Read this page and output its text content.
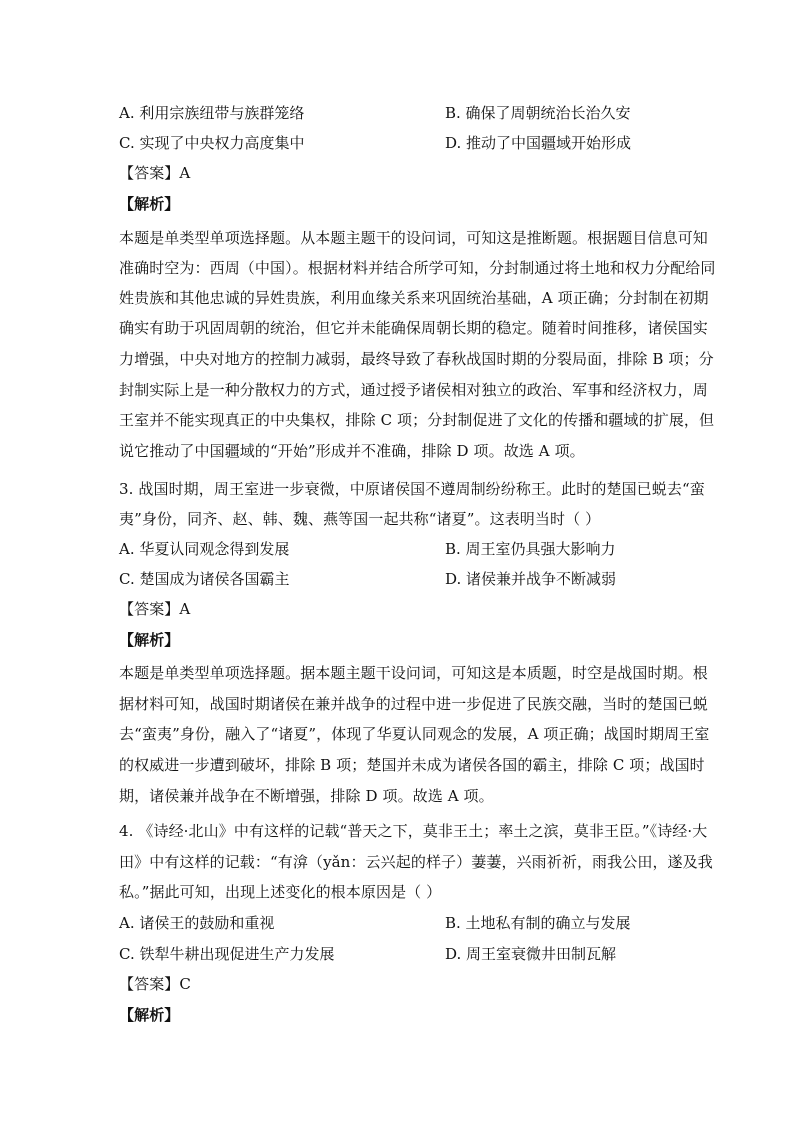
A. 利用宗族纽带与族群笼络	B. 确保了周朝统治长治久安
C. 实现了中央权力高度集中	D. 推动了中国疆域开始形成
【答案】A
【解析】
本题是单类型单项选择题。从本题主题干的设问词，可知这是推断题。根据题目信息可知
准确时空为：西周（中国）。根据材料并结合所学可知，分封制通过将土地和权力分配给同
姓贵族和其他忠诚的异姓贵族，利用血缘关系来巩固统治基础，A 项正确；分封制在初期
确实有助于巩固周朝的统治，但它并未能确保周朝长期的稳定。随着时间推移，诸侯国实
力增强，中央对地方的控制力减弱，最终导致了春秋战国时期的分裂局面，排除 B 项；分
封制实际上是一种分散权力的方式，通过授予诸侯相对独立的政治、军事和经济权力，周
王室并不能实现真正的中央集权，排除 C 项；分封制促进了文化的传播和疆域的扩展，但
说它推动了中国疆域的“开始”形成并不准确，排除 D 项。故选 A 项。
3. 战国时期，周王室进一步衰微，中原诸侯国不遵周制纷纷称王。此时的楚国已蜕去“蛮
夷”身份，同齐、赵、韩、魏、燕等国一起共称“诸夏”。这表明当时（ ）
A. 华夏认同观念得到发展	B. 周王室仍具强大影响力
C. 楚国成为诸侯各国霸主	D. 诸侯兼并战争不断减弱
【答案】A
【解析】
本题是单类型单项选择题。据本题主题干设问词，可知这是本质题，时空是战国时期。根
据材料可知，战国时期诸侯在兼并战争的过程中进一步促进了民族交融，当时的楚国已蜕
去“蛮夷”身份，融入了“诸夏”，体现了华夏认同观念的发展，A 项正确；战国时期周王室
的权威进一步遭到破坏，排除 B 项；楚国并未成为诸侯各国的霸主，排除 C 项；战国时
期，诸侯兼并战争在不断增强，排除 D 项。故选 A 项。
4. 《诗经·北山》中有这样的记载“普天之下，莫非王土；率土之滨，莫非王臣。”《诗经·大
田》中有这样的记载：“有渰（yǎn：云兴起的样子）萋萋，兴雨祈祈，雨我公田，遂及我
私。”据此可知，出现上述变化的根本原因是（ ）
A. 诸侯王的鼓励和重视	B. 土地私有制的确立与发展
C. 铁犁牛耕出现促进生产力发展	D. 周王室衰微井田制瓦解
【答案】C
【解析】
